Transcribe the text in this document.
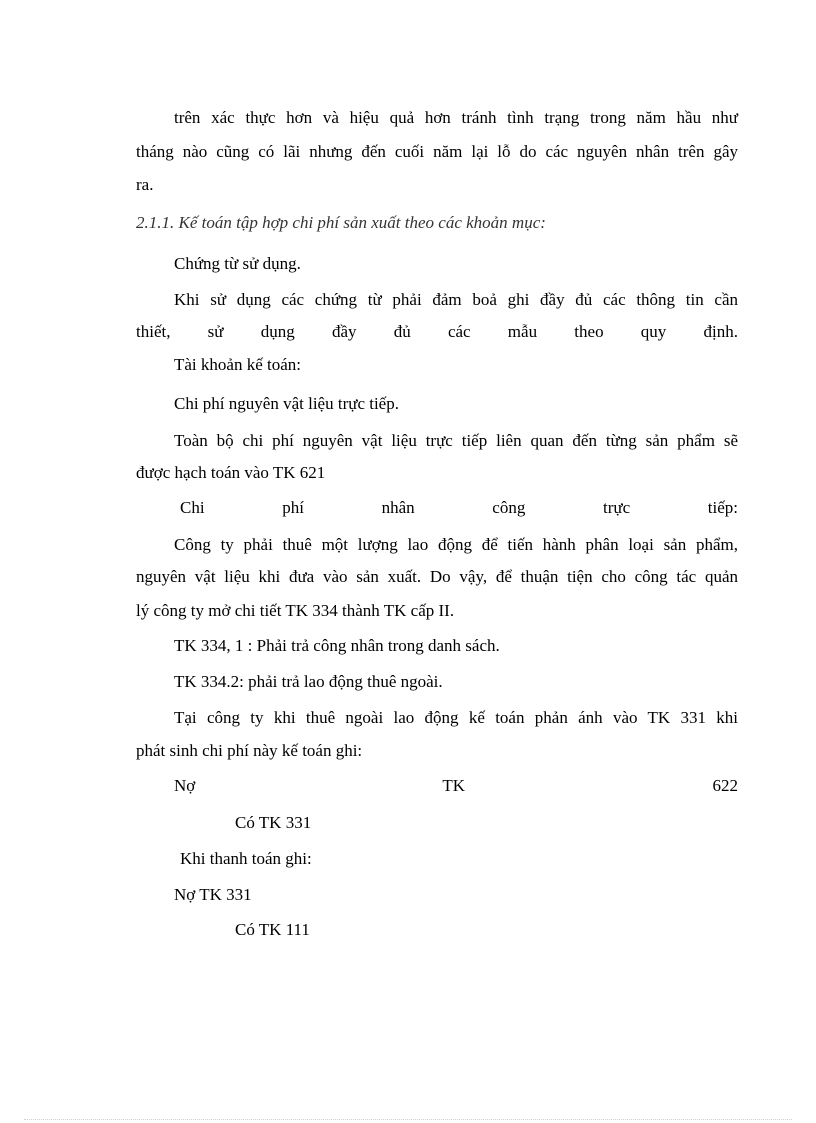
trên xác thực hơn và hiệu quả hơn tránh tình trạng trong năm hầu như
tháng nào cũng có lãi nhưng đến cuối năm lại lỗ do các nguyên nhân trên gây
ra.
2.1.1. Kế toán tập hợp chi phí sản xuất theo các khoản mục:
Chứng từ sử dụng.
Khi sử dụng các chứng từ phải đảm boả ghi đầy đủ các thông tin cần
thiết, sử dụng đầy đủ các mẫu theo quy định.
Tài khoản kế toán:
Chi phí nguyên vật liệu trực tiếp.
Toàn bộ chi phí nguyên vật liệu trực tiếp liên quan đến từng sản phẩm sẽ
được hạch toán vào TK 621
Chi phí nhân công trực tiếp:
Công ty phải thuê một lượng lao động để tiến hành phân loại sản phẩm,
nguyên vật liệu khi đưa vào sản xuất. Do vậy, để thuận tiện cho công tác quản
lý công ty mở chi tiết TK 334 thành TK cấp II.
TK 334, 1 : Phải trả công nhân trong danh sách.
TK 334.2: phải trả lao động thuê ngoài.
Tại công ty khi thuê ngoài lao động kế toán phản ánh vào TK 331 khi
phát sinh chi phí này kế toán ghi:
Nợ TK 622
Có TK 331
Khi thanh toán ghi:
Nợ TK 331
Có TK 111
